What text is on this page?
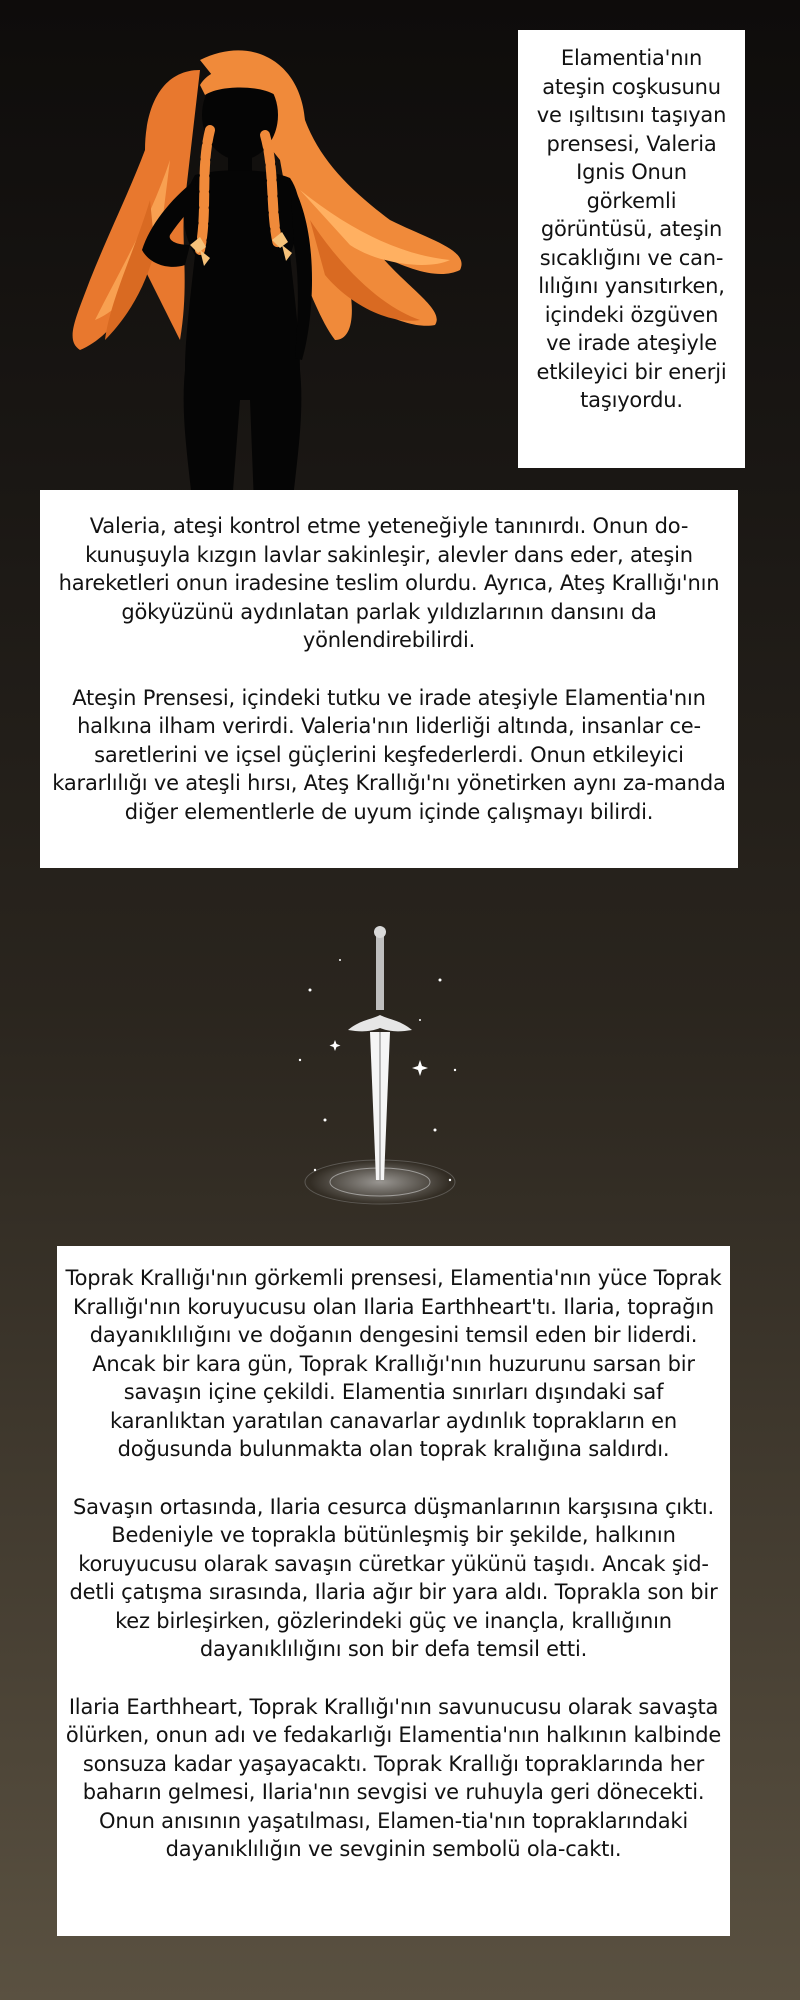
Elamentia'nın ateşin coşkusunu ve ışıltısını taşıyan prensesi, Valeria Ignis Onun görkemli görüntüsü, ateşin sıcaklığını ve can-lılığını yansıtırken, içindeki özgüven ve irade ateşiyle etkileyici bir enerji taşıyordu.

Valeria, ateşi kontrol etme yeteneğiyle tanınırdı. Onun do-kunuşuyla kızgın lavlar sakinleşir, alevler dans eder, ateşin hareketleri onun iradesine teslim olurdu. Ayrıca, Ateş Krallığı'nın gökyüzünü aydınlatan parlak yıldızlarının dansını da yönlendirebilirdi.

Ateşin Prensesi, içindeki tutku ve irade ateşiyle Elamentia'nın halkına ilham verirdi. Valeria'nın liderliği altında, insanlar ce-saretlerini ve içsel güçlerini keşfederlerdi. Onun etkileyici kararlılığı ve ateşli hırsı, Ateş Krallığı'nı yönetirken aynı za-manda diğer elementlerle de uyum içinde çalışmayı bilirdi.

Toprak Krallığı'nın görkemli prensesi, Elamentia'nın yüce Toprak Krallığı'nın koruyucusu olan Ilaria Earthheart'tı. Ilaria, toprağın dayanıklılığını ve doğanın dengesini temsil eden bir liderdi. Ancak bir kara gün, Toprak Krallığı'nın huzurunu sarsan bir savaşın içine çekildi. Elamentia sınırları dışındaki saf karanlıktan yaratılan canavarlar aydınlık toprakların en doğusunda bulunmakta olan toprak kralığına saldırdı.

Savaşın ortasında, Ilaria cesurca düşmanlarının karşısına çıktı. Bedeniyle ve toprakla bütünleşmiş bir şekilde, halkının koruyucusu olarak savaşın cüretkar yükünü taşıdı. Ancak şid-detli çatışma sırasında, Ilaria ağır bir yara aldı. Toprakla son bir kez birleşirken, gözlerindeki güç ve inançla, krallığının dayanıklılığını son bir defa temsil etti.

Ilaria Earthheart, Toprak Krallığı'nın savunucusu olarak savaşta ölürken, onun adı ve fedakarlığı Elamentia'nın halkının kalbinde sonsuza kadar yaşayacaktı. Toprak Krallığı topraklarında her baharın gelmesi, Ilaria'nın sevgisi ve ruhuyla geri dönecekti. Onun anısının yaşatılması, Elamen-tia'nın topraklarındaki dayanıklılığın ve sevginin sembolü ola-caktı.
